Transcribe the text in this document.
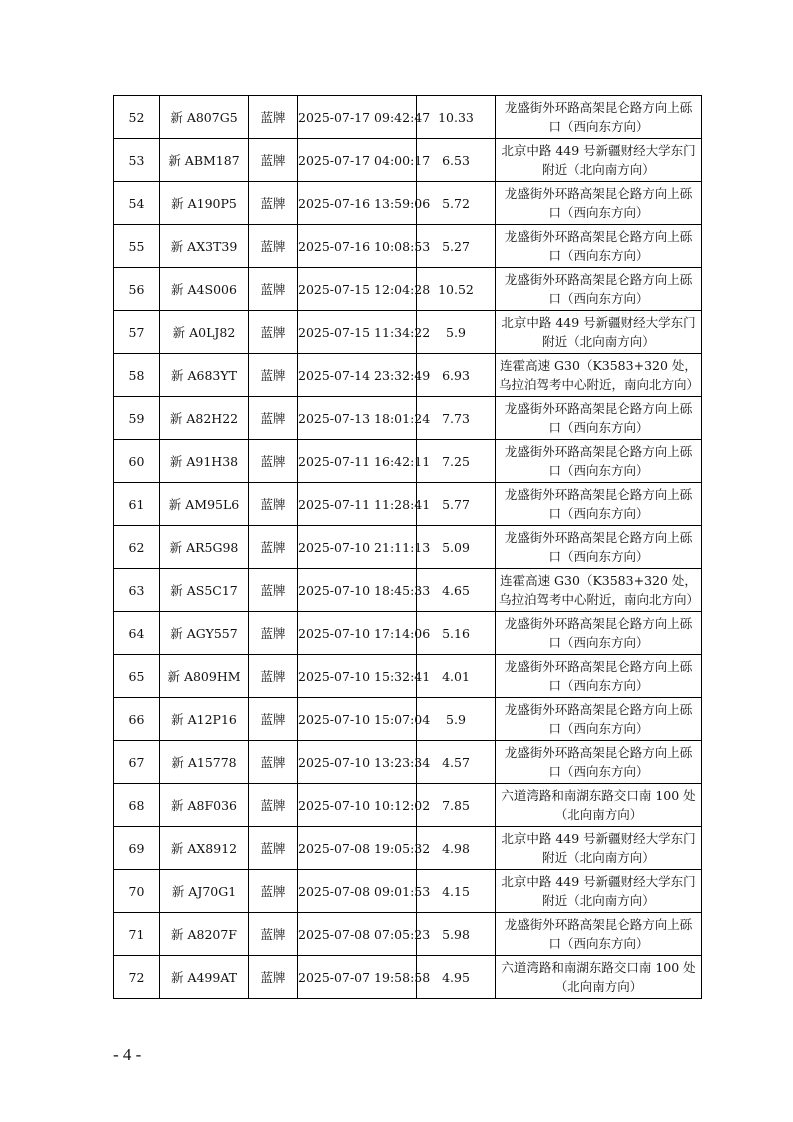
52	新 A807G5	蓝牌	2025-07-17 09:42:47	10.33	龙盛街外环路高架昆仑路方向上砾口（西向东方向）
53	新 ABM187	蓝牌	2025-07-17 04:00:17	6.53	北京中路 449 号新疆财经大学东门附近（北向南方向）
54	新 A190P5	蓝牌	2025-07-16 13:59:06	5.72	龙盛街外环路高架昆仑路方向上砾口（西向东方向）
55	新 AX3T39	蓝牌	2025-07-16 10:08:53	5.27	龙盛街外环路高架昆仑路方向上砾口（西向东方向）
56	新 A4S006	蓝牌	2025-07-15 12:04:28	10.52	龙盛街外环路高架昆仑路方向上砾口（西向东方向）
57	新 A0LJ82	蓝牌	2025-07-15 11:34:22	5.9	北京中路 449 号新疆财经大学东门附近（北向南方向）
58	新 A683YT	蓝牌	2025-07-14 23:32:49	6.93	连霍高速 G30（K3583+320 处，乌拉泊驾考中心附近，南向北方向）
59	新 A82H22	蓝牌	2025-07-13 18:01:24	7.73	龙盛街外环路高架昆仑路方向上砾口（西向东方向）
60	新 A91H38	蓝牌	2025-07-11 16:42:11	7.25	龙盛街外环路高架昆仑路方向上砾口（西向东方向）
61	新 AM95L6	蓝牌	2025-07-11 11:28:41	5.77	龙盛街外环路高架昆仑路方向上砾口（西向东方向）
62	新 AR5G98	蓝牌	2025-07-10 21:11:13	5.09	龙盛街外环路高架昆仑路方向上砾口（西向东方向）
63	新 AS5C17	蓝牌	2025-07-10 18:45:33	4.65	连霍高速 G30（K3583+320 处，乌拉泊驾考中心附近，南向北方向）
64	新 AGY557	蓝牌	2025-07-10 17:14:06	5.16	龙盛街外环路高架昆仑路方向上砾口（西向东方向）
65	新 A809HM	蓝牌	2025-07-10 15:32:41	4.01	龙盛街外环路高架昆仑路方向上砾口（西向东方向）
66	新 A12P16	蓝牌	2025-07-10 15:07:04	5.9	龙盛街外环路高架昆仑路方向上砾口（西向东方向）
67	新 A15778	蓝牌	2025-07-10 13:23:34	4.57	龙盛街外环路高架昆仑路方向上砾口（西向东方向）
68	新 A8F036	蓝牌	2025-07-10 10:12:02	7.85	六道湾路和南湖东路交口南 100 处（北向南方向）
69	新 AX8912	蓝牌	2025-07-08 19:05:32	4.98	北京中路 449 号新疆财经大学东门附近（北向南方向）
70	新 AJ70G1	蓝牌	2025-07-08 09:01:53	4.15	北京中路 449 号新疆财经大学东门附近（北向南方向）
71	新 A8207F	蓝牌	2025-07-08 07:05:23	5.98	龙盛街外环路高架昆仑路方向上砾口（西向东方向）
72	新 A499AT	蓝牌	2025-07-07 19:58:58	4.95	六道湾路和南湖东路交口南 100 处（北向南方向）
- 4 -
